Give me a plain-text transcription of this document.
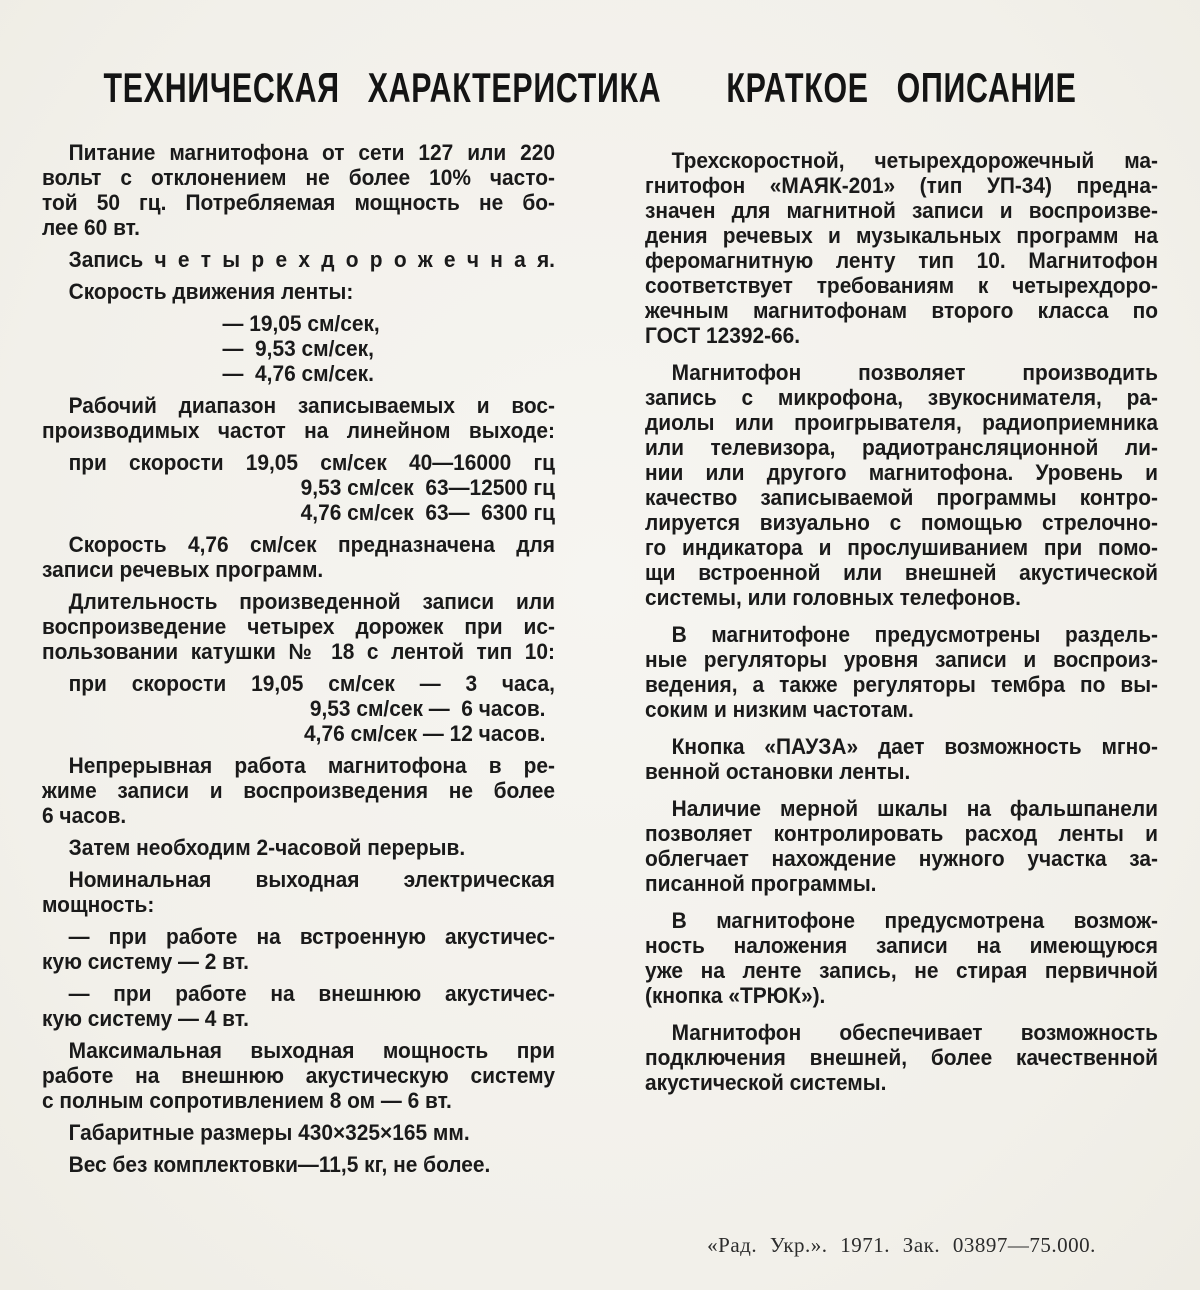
ТЕХНИЧЕСКАЯ ХАРАКТЕРИСТИКА
Питание магнитофона от сети 127 или 220
вольт с отклонением не более 10% часто-
той 50 гц. Потребляемая мощность не бо-
лее 60 вт.
Запись ч е т ы р е х д о р о ж е ч н а я.
Скорость движения ленты:
— 19,05 см/сек,
—  9,53 см/сек,
—  4,76 см/сек.
Рабочий диапазон записываемых и вос-
производимых частот на линейном выходе:
при скорости 19,05 см/сек 40—16000 гц
9,53 см/сек  63—12500 гц
4,76 см/сек  63—  6300 гц
Скорость 4,76 см/сек предназначена для
записи речевых программ.
Длительность произведенной записи или
воспроизведение четырех дорожек при ис-
пользовании катушки № 18 с лентой тип 10:
при скорости 19,05 см/сек — 3 часа,
9,53 см/сек —  6 часов.
4,76 см/сек — 12 часов.
Непрерывная работа магнитофона в ре-
жиме записи и воспроизведения не более
6 часов.
Затем необходим 2-часовой перерыв.
Номинальная выходная электрическая
мощность:
— при работе на встроенную акустичес-
кую систему — 2 вт.
— при работе на внешнюю акустичес-
кую систему — 4 вт.
Максимальная выходная мощность при
работе на внешнюю акустическую систему
с полным сопротивлением 8 ом — 6 вт.
Габаритные размеры 430×325×165 мм.
Вес без комплектовки—11,5 кг, не более.
КРАТКОЕ ОПИСАНИЕ
Трехскоростной, четырехдорожечный ма-
гнитофон «МАЯК-201» (тип УП-34) предна-
значен для магнитной записи и воспроизве-
дения речевых и музыкальных программ на
феромагнитную ленту тип 10. Магнитофон
соответствует требованиям к четырехдоро-
жечным магнитофонам второго класса по
ГОСТ 12392-66.
Магнитофон позволяет производить
запись с микрофона, звукоснимателя, ра-
диолы или проигрывателя, радиоприемника
или телевизора, радиотрансляционной ли-
нии или другого магнитофона. Уровень и
качество записываемой программы контро-
лируется визуально с помощью стрелочно-
го индикатора и прослушиванием при помо-
щи встроенной или внешней акустической
системы, или головных телефонов.
В магнитофоне предусмотрены раздель-
ные регуляторы уровня записи и воспроиз-
ведения, а также регуляторы тембра по вы-
соким и низким частотам.
Кнопка «ПАУЗА» дает возможность мгно-
венной остановки ленты.
Наличие мерной шкалы на фальшпанели
позволяет контролировать расход ленты и
облегчает нахождение нужного участка за-
писанной программы.
В магнитофоне предусмотрена возмож-
ность наложения записи на имеющуюся
уже на ленте запись, не стирая первичной
(кнопка «ТРЮК»).
Магнитофон обеспечивает возможность
подключения внешней, более качественной
акустической системы.
«Рад. Укр.». 1971. Зак. 03897—75.000.
